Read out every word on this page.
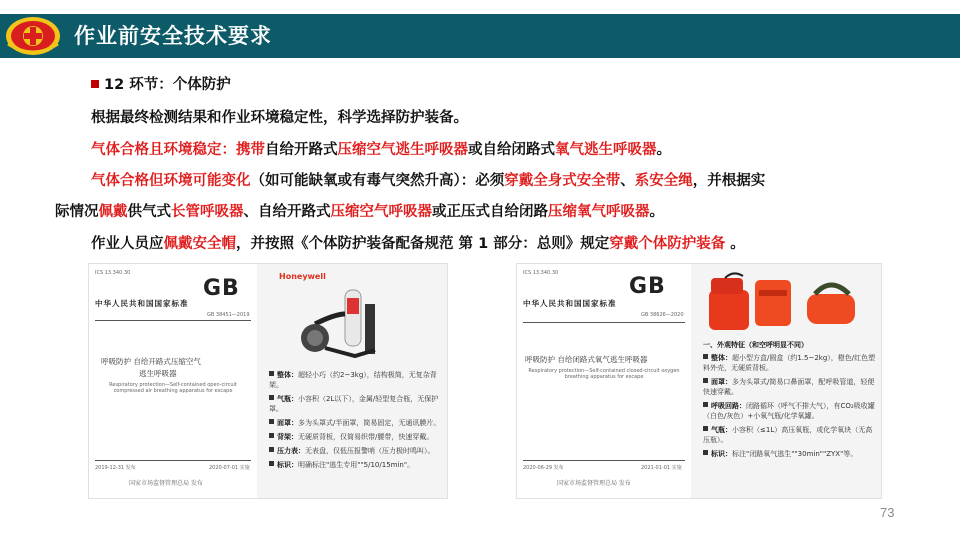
作业前安全技术要求
12 环节：个体防护
根据最终检测结果和作业环境稳定性，科学选择防护装备。
气体合格且环境稳定：携带自给开路式压缩空气逃生呼吸器或自给闭路式氧气逃生呼吸器。
气体合格但环境可能变化（如可能缺氧或有毒气突然升高）：必须穿戴全身式安全带、系安全绳，并根据实
际情况佩戴供气式长管呼吸器、自给开路式压缩空气呼吸器或正压式自给闭路压缩氧气呼吸器。
作业人员应佩戴安全帽，并按照《个体防护装备配备规范 第 1 部分：总则》规定穿戴个体防护装备 。
ICS 13.340.30
GB
中华人民共和国国家标准
GB 38451—2019
呼吸防护 自给开路式压缩空气
逃生呼吸器
Respiratory protection—Self-contained open-circuit compressed air breathing apparatus for escape
2019-12-31 发布	2020-07-01 实施
国家市场监督管理总局 发布
Honeywell
整体：超轻小巧（约2~3kg），结构极简，无复杂背架。
气瓶：小容积（2L以下），金属/轻型复合瓶，无保护罩。
面罩：多为头罩式/半面罩，简易固定，无通讯膜片。
背架：无硬质背板，仅简易织带/腰带，快速穿戴。
压力表：无表盘，仅低压报警哨（压力极时鸣叫）。
标识：明确标注"逃生专用""5/10/15min"。
ICS 13.340.30
GB
中华人民共和国国家标准
GB 38626—2020
呼吸防护 自给闭路式氧气逃生呼吸器
Respiratory protection—Self-contained closed-circuit oxygen breathing apparatus for escape
2020-06-29 发布	2021-01-01 实施
国家市场监督管理总局 发布
一、外观特征（和空呼明显不同）
整体：超小型方盒/圆盒（约1.5~2kg），橙色/红色塑料外壳，无硬质背板。
面罩：多为头罩式/简易口鼻面罩，配呼吸管道，轻便快速穿戴。
呼吸回路：闭路循环（呼气不排大气），有CO₂吸收罐（白色/灰色）+小氧气瓶/化学氧罐。
气瓶：小容积（≤1L）高压氧瓶，或化学氧块（无高压瓶）。
标识：标注"闭路氧气逃生""30min""ZYX"等。
73
